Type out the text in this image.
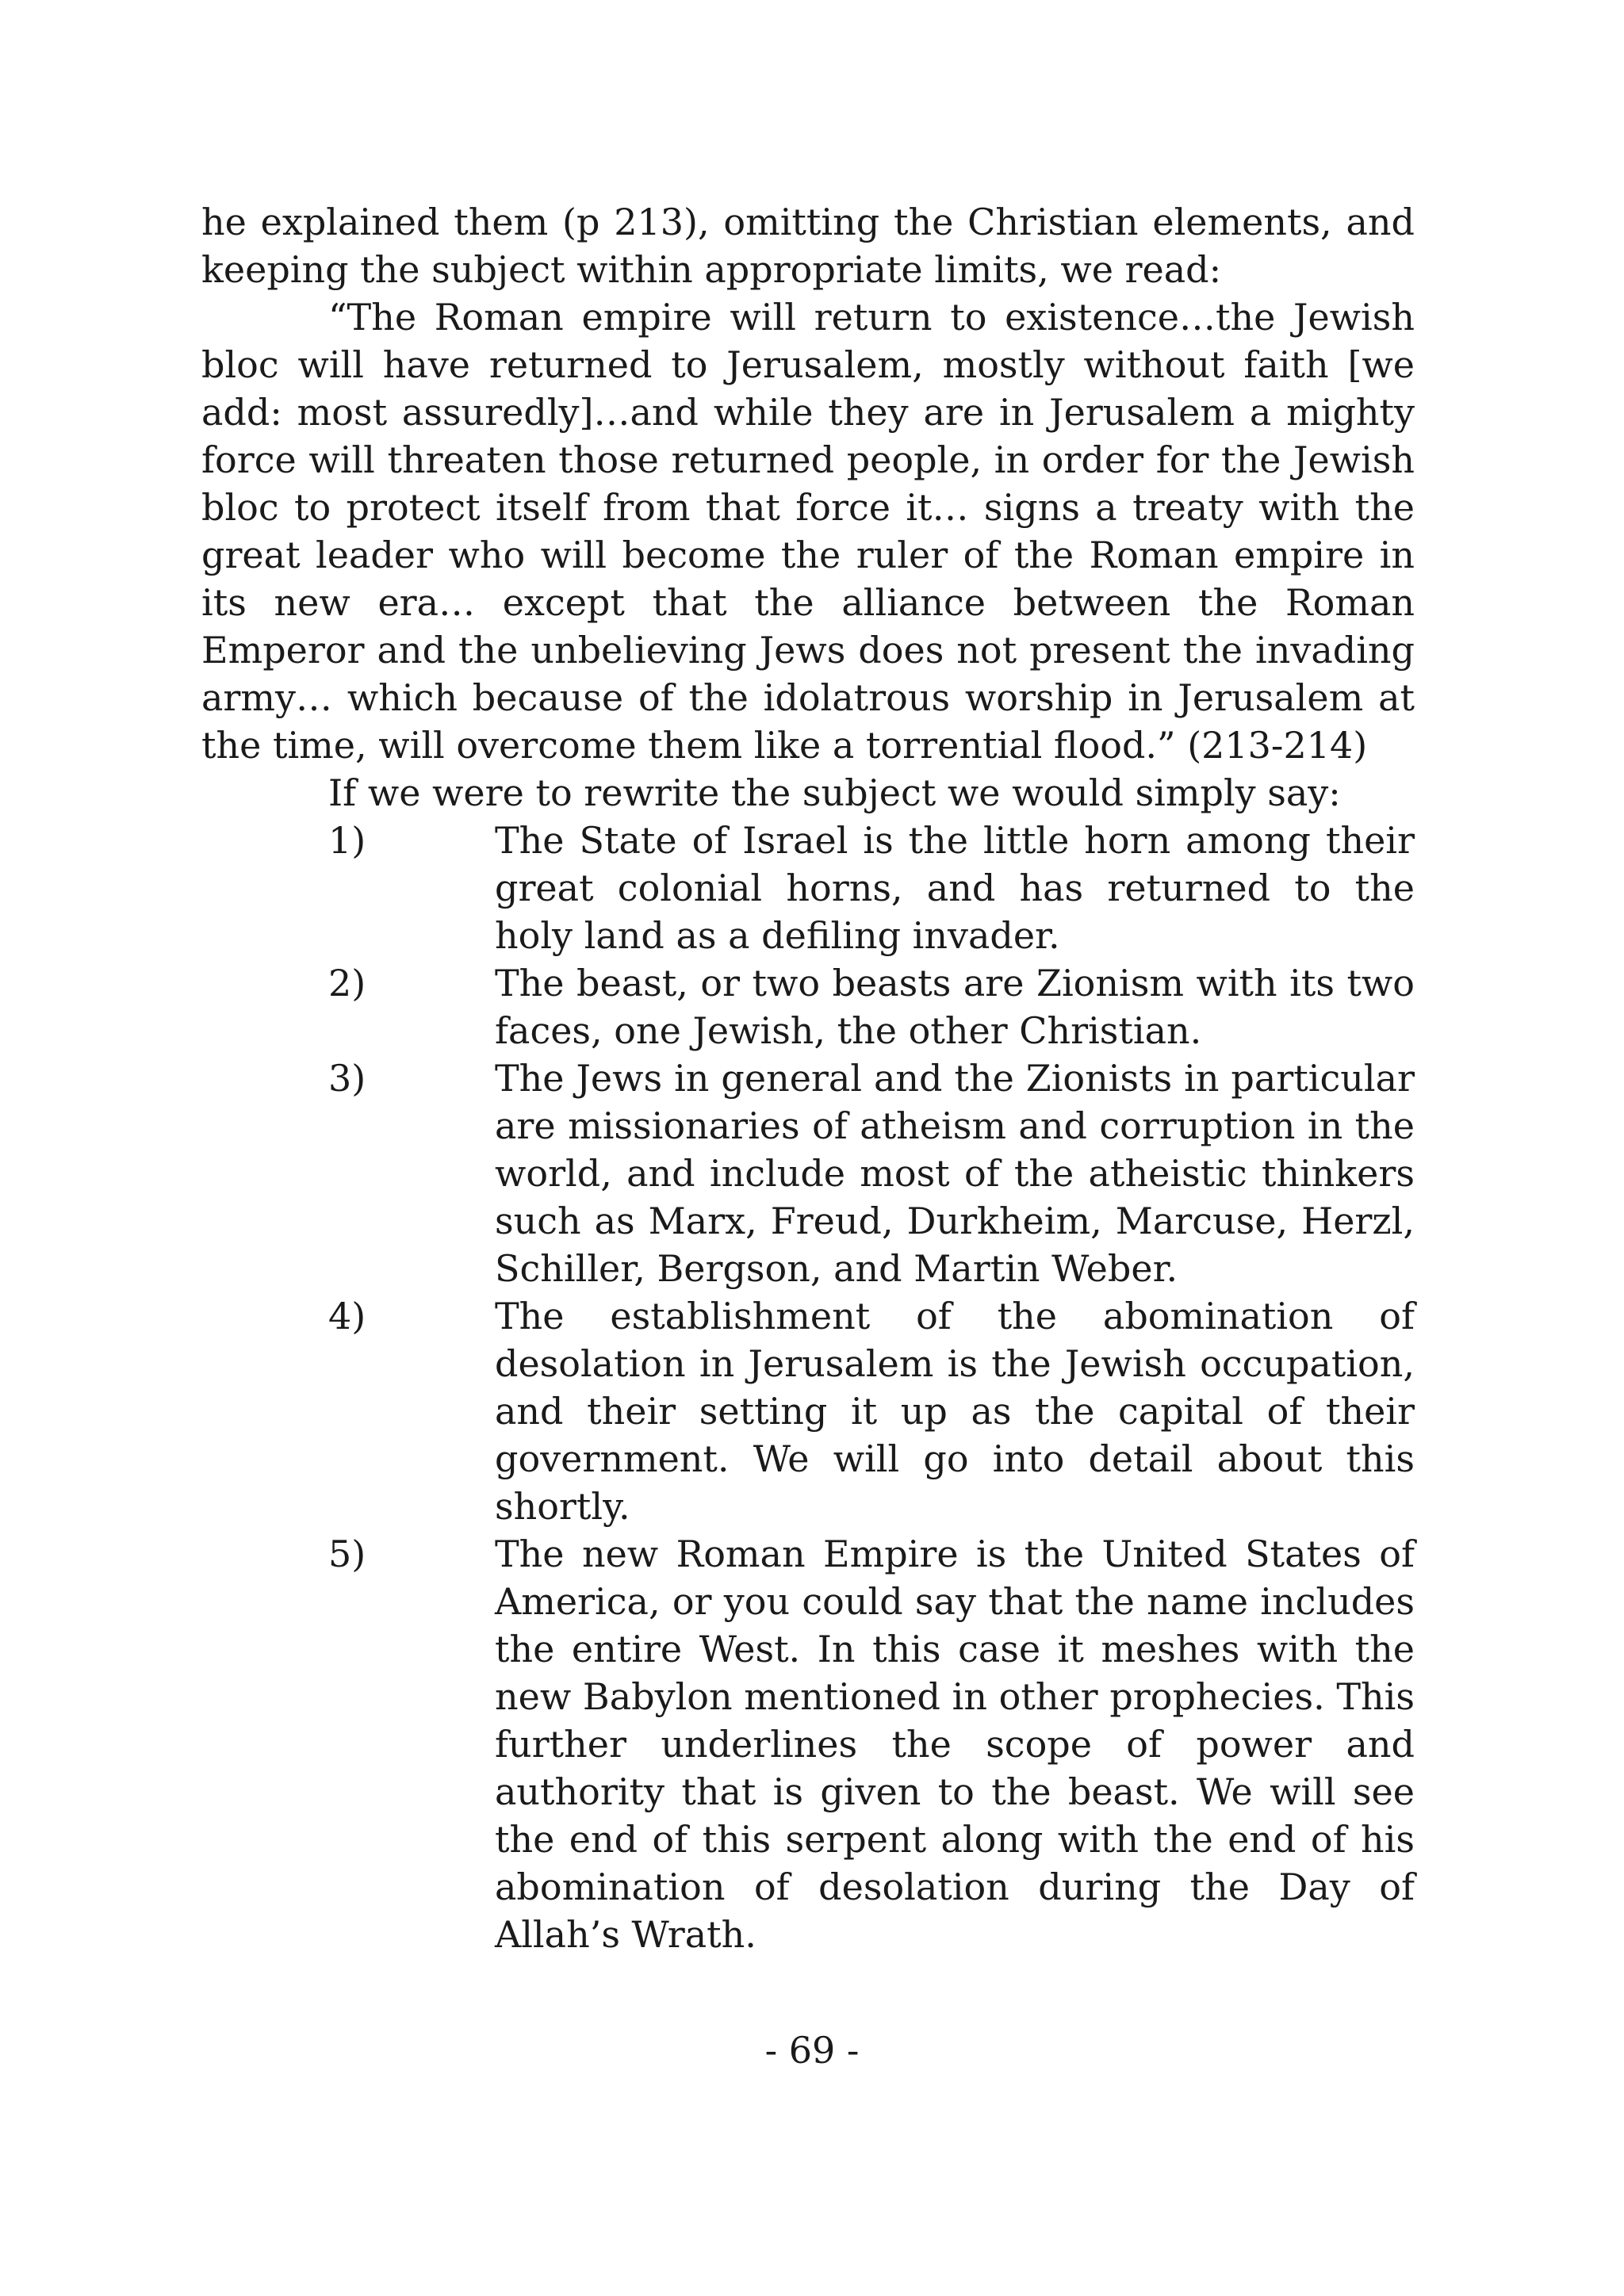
he explained them (p 213), omitting the Christian elements, and keeping the subject within appropriate limits, we read:

“The Roman empire will return to existence…the Jewish bloc will have returned to Jerusalem, mostly without faith [we add: most assuredly]…and while they are in Jerusalem a mighty force will threaten those returned people, in order for the Jewish bloc to protect itself from that force it… signs a treaty with the great leader who will become the ruler of the Roman empire in its new era… except that the alliance between the Roman Emperor and the unbelieving Jews does not present the invading army… which because of the idolatrous worship in Jerusalem at the time, will overcome them like a torrential flood.” (213-214)

If we were to rewrite the subject we would simply say:

1)	The State of Israel is the little horn among their great colonial horns, and has returned to the holy land as a defiling invader.
2)	The beast, or two beasts are Zionism with its two faces, one Jewish, the other Christian.
3)	The Jews in general and the Zionists in particular are missionaries of atheism and corruption in the world, and include most of the atheistic thinkers such as Marx, Freud, Durkheim, Marcuse, Herzl, Schiller, Bergson, and Martin Weber.
4)	The establishment of the abomination of desolation in Jerusalem is the Jewish occupation, and their setting it up as the capital of their government. We will go into detail about this shortly.
5)	The new Roman Empire is the United States of America, or you could say that the name includes the entire West. In this case it meshes with the new Babylon mentioned in other prophecies. This further underlines the scope of power and authority that is given to the beast. We will see the end of this serpent along with the end of his abomination of desolation during the Day of Allah’s Wrath.
- 69 -
